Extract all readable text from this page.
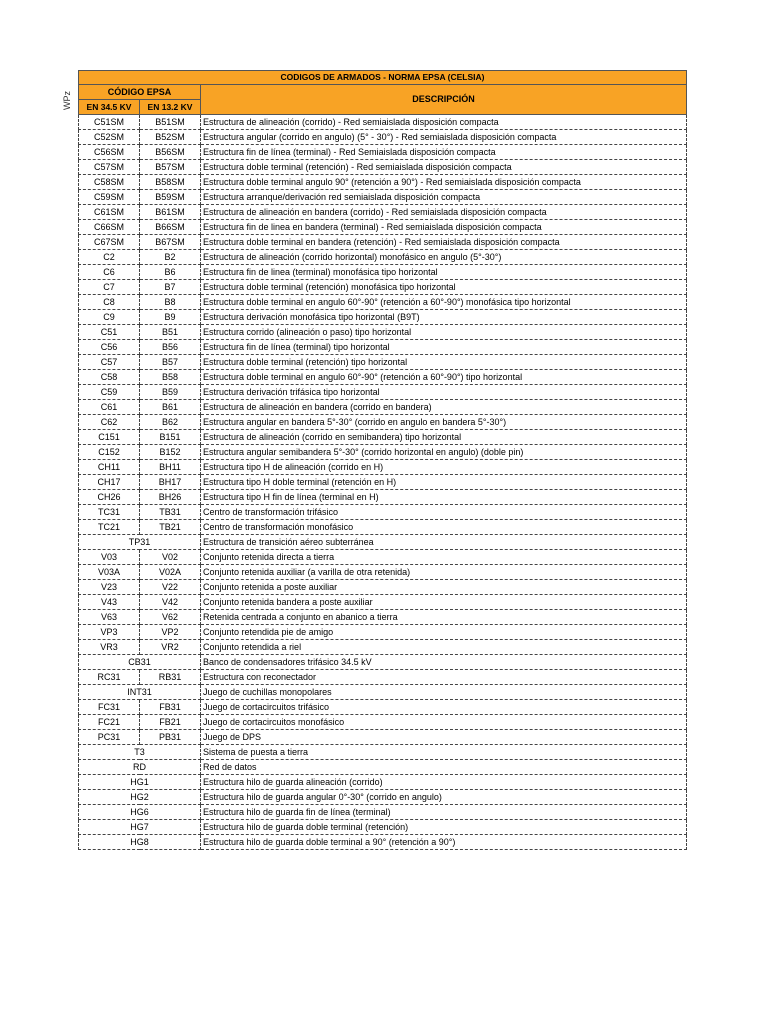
WPz
CODIGOS DE ARMADOS - NORMA EPSA (CELSIA)		
CÓDIGO EPSA		DESCRIPCIÓN
EN 34.5 KV	EN 13.2 KV	
C51SM	B51SM	Estructura de alineación (corrido) - Red semiaislada disposición compacta
C52SM	B52SM	Estructura angular (corrido en angulo) (5° - 30°) - Red semiaislada disposición compacta
C56SM	B56SM	Estructura fin de línea (terminal) - Red Semiaislada disposición compacta
C57SM	B57SM	Estructura doble terminal (retención) - Red semiaislada disposición compacta
C58SM	B58SM	Estructura doble terminal angulo 90° (retención a 90°) - Red semiaislada disposición compacta
C59SM	B59SM	Estructura arranque/derivación red semiaislada disposición compacta
C61SM	B61SM	Estructura de alineación en bandera (corrido) - Red semiaislada disposición compacta
C66SM	B66SM	Estructura fin de linea en bandera (terminal) - Red semiaislada disposición compacta
C67SM	B67SM	Estructura doble terminal en bandera (retención) - Red semiaislada disposición compacta
C2	B2	Estructura de alineación (corrido horizontal) monofásico en angulo (5°-30°)
C6	B6	Estructura fin de linea (terminal) monofásica tipo horizontal
C7	B7	Estructura doble terminal (retención) monofásica tipo horizontal
C8	B8	Estructura doble terminal en angulo 60°-90° (retención a 60°-90°) monofásica tipo horizontal
C9	B9	Estructura derivación monofásica tipo horizontal (B9T)
C51	B51	Estructura corrido (alineación o paso) tipo horizontal
C56	B56	Estructura fin de línea (terminal) tipo horizontal
C57	B57	Estructura doble terminal (retención) tipo horizontal
C58	B58	Estructura doble terminal en angulo 60°-90° (retención a 60°-90°) tipo horizontal
C59	B59	Estructura derivación trifásica tipo horizontal
C61	B61	Estructura de alineación en bandera (corrido en bandera)
C62	B62	Estructura angular en bandera 5°-30° (corrido en angulo en bandera 5°-30°)
C151	B151	Estructura de alineación (corrido en semibandera) tipo horizontal
C152	B152	Estructura angular semibandera 5°-30° (corrido horizontal en angulo) (doble pin)
CH11	BH11	Estructura tipo H de alineación (corrido en H)
CH17	BH17	Estructura tipo H doble terminal (retención en H)
CH26	BH26	Estructura tipo H fin de línea (terminal en H)
TC31	TB31	Centro de transformación trifásico
TC21	TB21	Centro de transformación monofásico
TP31		Estructura de transición aéreo subterránea
V03	V02	Conjunto retenida directa a tierra
V03A	V02A	Conjunto retenida auxiliar (a varilla de otra retenida)
V23	V22	Conjunto retenida a poste auxiliar
V43	V42	Conjunto retenida bandera a poste auxiliar
V63	V62	Retenida centrada a conjunto en abanico a tierra
VP3	VP2	Conjunto retendida pie de amigo
VR3	VR2	Conjunto retendida a riel
CB31		Banco de condensadores trifásico 34.5 kV
RC31	RB31	Estructura con reconectador
INT31		Juego de cuchillas monopolares
FC31	FB31	Juego de cortacircuitos trifásico
FC21	FB21	Juego de cortacircuitos monofásico
PC31	PB31	Juego de DPS
T3		Sistema de puesta a tierra
RD		Red de datos
HG1		Estructura hilo de guarda alineación (corrido)
HG2		Estructura hilo de guarda angular 0°-30° (corrido en angulo)
HG6		Estructura hilo de guarda fin de línea (terminal)
HG7		Estructura hilo de guarda doble terminal (retención)
HG8		Estructura hilo de guarda doble terminal a 90° (retención a 90°)
